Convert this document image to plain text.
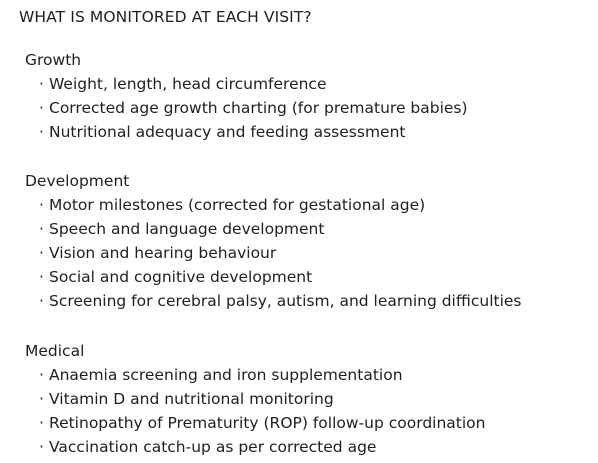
WHAT IS MONITORED AT EACH VISIT?
Growth
· Weight, length, head circumference
· Corrected age growth charting (for premature babies)
· Nutritional adequacy and feeding assessment
Development
· Motor milestones (corrected for gestational age)
· Speech and language development
· Vision and hearing behaviour
· Social and cognitive development
· Screening for cerebral palsy, autism, and learning difficulties
Medical
· Anaemia screening and iron supplementation
· Vitamin D and nutritional monitoring
· Retinopathy of Prematurity (ROP) follow-up coordination
· Vaccination catch-up as per corrected age
